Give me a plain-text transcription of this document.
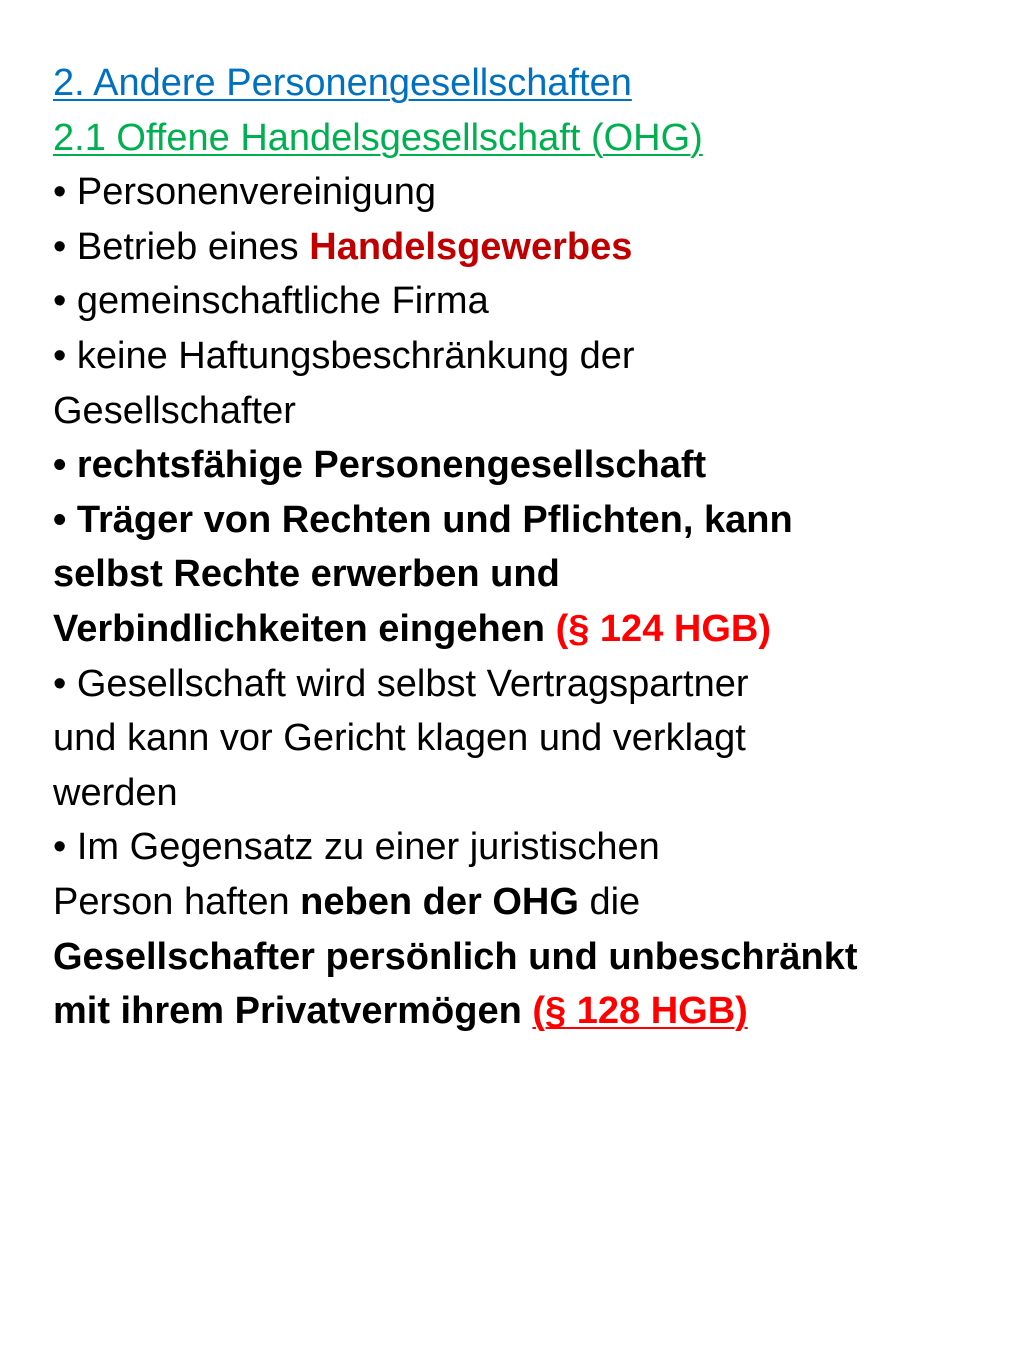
2. Andere Personengesellschaften
2.1 Offene Handelsgesellschaft (OHG)
• Personenvereinigung
• Betrieb eines Handelsgewerbes
• gemeinschaftliche Firma
• keine Haftungsbeschränkung der
Gesellschafter
• rechtsfähige Personengesellschaft
• Träger von Rechten und Pflichten, kann
selbst Rechte erwerben und
Verbindlichkeiten eingehen (§ 124 HGB)
• Gesellschaft wird selbst Vertragspartner
und kann vor Gericht klagen und verklagt
werden
• Im Gegensatz zu einer juristischen
Person haften neben der OHG die
Gesellschafter persönlich und unbeschränkt
mit ihrem Privatvermögen (§ 128 HGB)
